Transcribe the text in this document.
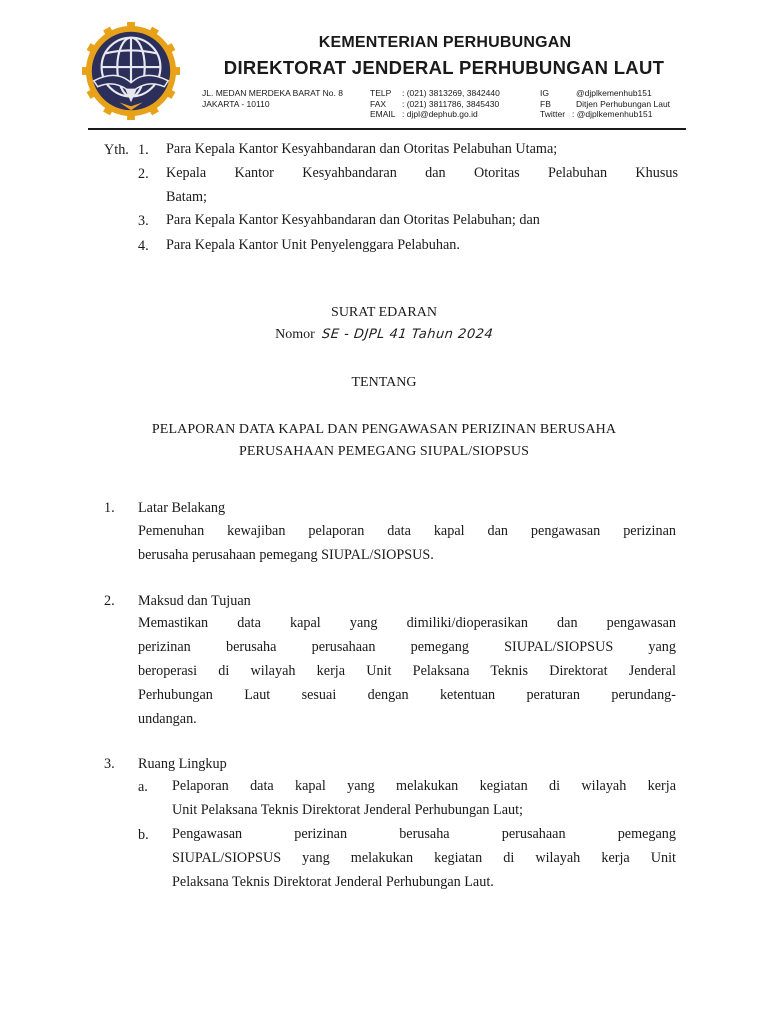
KEMENTERIAN PERHUBUNGAN
DIREKTORAT JENDERAL PERHUBUNGAN LAUT
JL. MEDAN MERDEKA BARAT No. 8
JAKARTA - 10110
TELP
FAX
EMAIL
: (021) 3813269, 3842440
: (021) 3811786, 3845430
: djpl@dephub.go.id
IG
FB
Twitter
@djplkemenhub151
Ditjen Perhubungan Laut
: @djplkemenhub151
Yth. 1. Para Kepala Kantor Kesyahbandaran dan Otoritas Pelabuhan Utama;
2. Kepala Kantor Kesyahbandaran dan Otoritas Pelabuhan Khusus
Batam;
3. Para Kepala Kantor Kesyahbandaran dan Otoritas Pelabuhan; dan
4. Para Kepala Kantor Unit Penyelenggara Pelabuhan.
SURAT EDARAN
Nomor SE - DJPL 41 Tahun 2024
TENTANG
PELAPORAN DATA KAPAL DAN PENGAWASAN PERIZINAN BERUSAHA
PERUSAHAAN PEMEGANG SIUPAL/SIOPSUS
1. Latar Belakang
Pemenuhan kewajiban pelaporan data kapal dan pengawasan perizinan
berusaha perusahaan pemegang SIUPAL/SIOPSUS.
2. Maksud dan Tujuan
Memastikan data kapal yang dimiliki/dioperasikan dan pengawasan
perizinan berusaha perusahaan pemegang SIUPAL/SIOPSUS yang
beroperasi di wilayah kerja Unit Pelaksana Teknis Direktorat Jenderal
Perhubungan Laut sesuai dengan ketentuan peraturan perundang-
undangan.
3. Ruang Lingkup
a. Pelaporan data kapal yang melakukan kegiatan di wilayah kerja
Unit Pelaksana Teknis Direktorat Jenderal Perhubungan Laut;
b. Pengawasan perizinan berusaha perusahaan pemegang
SIUPAL/SIOPSUS yang melakukan kegiatan di wilayah kerja Unit
Pelaksana Teknis Direktorat Jenderal Perhubungan Laut.
